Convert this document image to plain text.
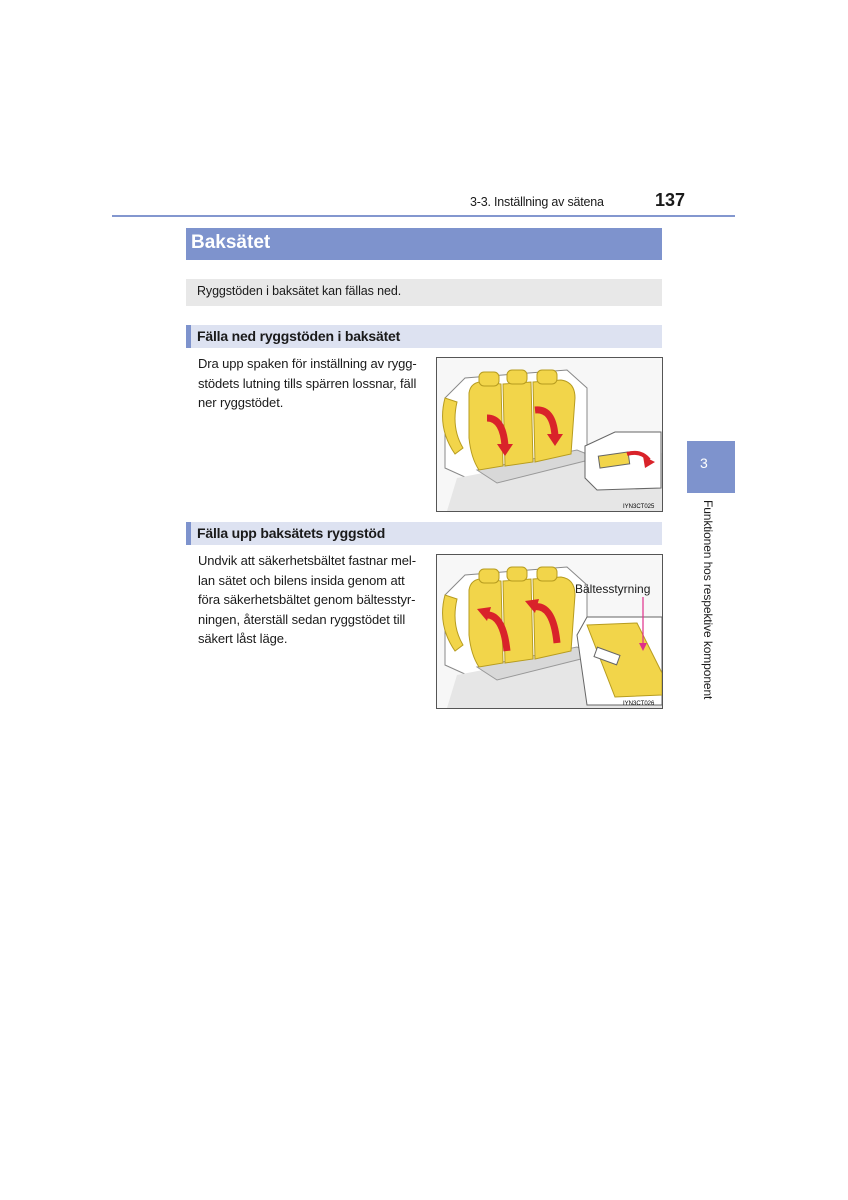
3-3. Inställning av sätena	137
Baksätet
Ryggstöden i baksätet kan fällas ned.
Fälla ned ryggstöden i baksätet
Dra upp spaken för inställning av rygg-
stödets lutning tills spärren lossnar, fäll
ner ryggstödet.
IYN3CT025
Fälla upp baksätets ryggstöd
Undvik att säkerhetsbältet fastnar mel-
lan sätet och bilens insida genom att
föra säkerhetsbältet genom bältesstyr-
ningen, återställ sedan ryggstödet till
säkert låst läge.
Bältesstyrning
IYN3CT026
3
Funktionen hos respektive komponent
